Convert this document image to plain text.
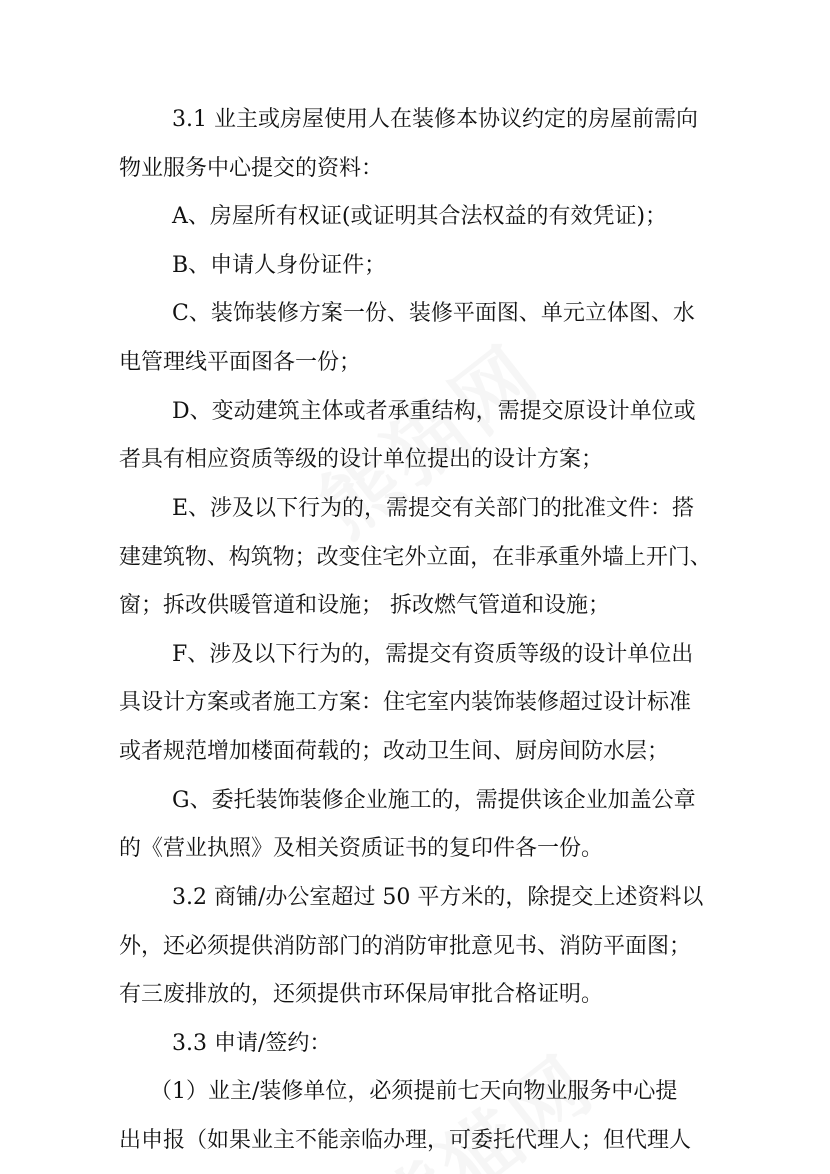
3.1 业主或房屋使用人在装修本协议约定的房屋前需向

物业服务中心提交的资料：

A、房屋所有权证(或证明其合法权益的有效凭证)；

B、申请人身份证件；

C、装饰装修方案一份、装修平面图、单元立体图、水

电管理线平面图各一份；

D、变动建筑主体或者承重结构，需提交原设计单位或

者具有相应资质等级的设计单位提出的设计方案；

E、涉及以下行为的，需提交有关部门的批准文件：搭

建建筑物、构筑物；改变住宅外立面，在非承重外墙上开门、

窗；拆改供暖管道和设施； 拆改燃气管道和设施；

F、涉及以下行为的，需提交有资质等级的设计单位出

具设计方案或者施工方案：住宅室内装饰装修超过设计标准

或者规范增加楼面荷载的；改动卫生间、厨房间防水层；

G、委托装饰装修企业施工的，需提供该企业加盖公章

的《营业执照》及相关资质证书的复印件各一份。

3.2 商铺/办公室超过 50 平方米的，除提交上述资料以

外，还必须提供消防部门的消防审批意见书、消防平面图；

有三废排放的，还须提供市环保局审批合格证明。

3.3 申请/签约：

（1）业主/装修单位，必须提前七天向物业服务中心提

出申报（如果业主不能亲临办理，可委托代理人；但代理人
